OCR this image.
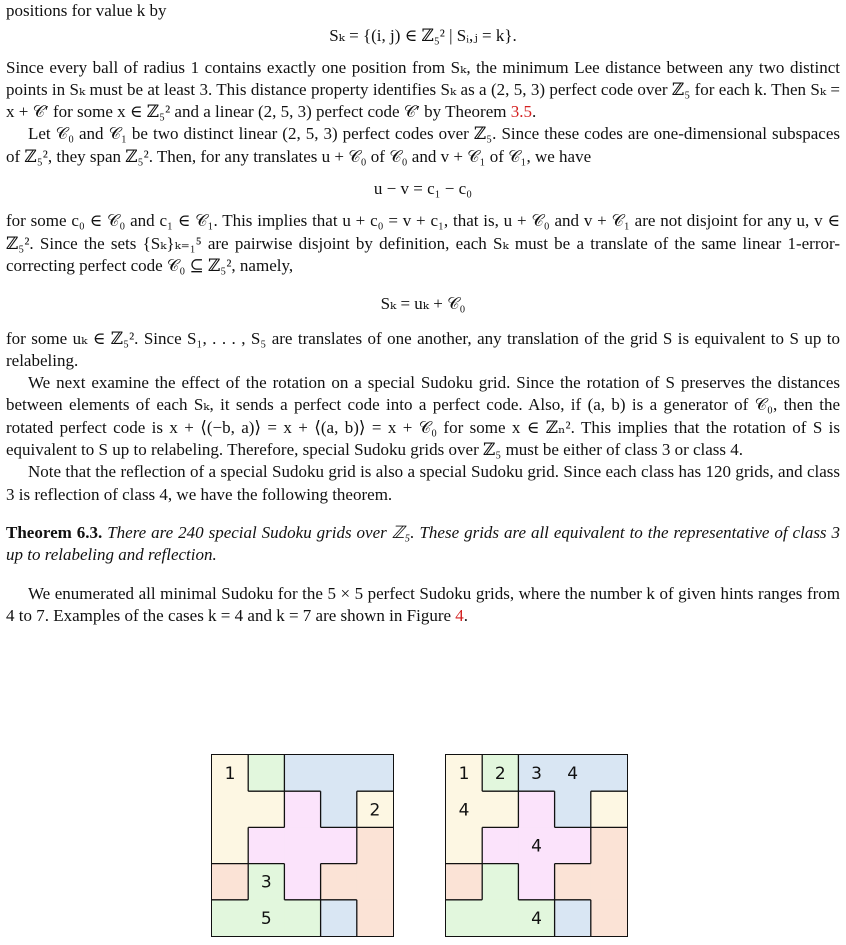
positions for value k by

Sₖ = {(i, j) ∈ ℤ₅² | Sᵢ,ⱼ = k}.

Since every ball of radius 1 contains exactly one position from Sₖ, the minimum Lee distance between any two distinct points in Sₖ must be at least 3. This distance property identifies Sₖ as a (2, 5, 3) perfect code over ℤ₅ for each k. Then Sₖ = x + 𝒞′ for some x ∈ ℤ₅² and a linear (2, 5, 3) perfect code 𝒞′ by Theorem 3.5.

Let 𝒞₀ and 𝒞₁ be two distinct linear (2, 5, 3) perfect codes over ℤ₅. Since these codes are one-dimensional subspaces of ℤ₅², they span ℤ₅². Then, for any translates u + 𝒞₀ of 𝒞₀ and v + 𝒞₁ of 𝒞₁, we have

u − v = c₁ − c₀

for some c₀ ∈ 𝒞₀ and c₁ ∈ 𝒞₁. This implies that u + c₀ = v + c₁, that is, u + 𝒞₀ and v + 𝒞₁ are not disjoint for any u, v ∈ ℤ₅². Since the sets {Sₖ}ₖ₌₁⁵ are pairwise disjoint by definition, each Sₖ must be a translate of the same linear 1-error-correcting perfect code 𝒞₀ ⊆ ℤ₅², namely,

Sₖ = uₖ + 𝒞₀

for some uₖ ∈ ℤ₅². Since S₁, . . . , S₅ are translates of one another, any translation of the grid S is equivalent to S up to relabeling.

We next examine the effect of the rotation on a special Sudoku grid. Since the rotation of S preserves the distances between elements of each Sₖ, it sends a perfect code into a perfect code. Also, if (a, b) is a generator of 𝒞₀, then the rotated perfect code is x + ⟨(−b, a)⟩ = x + ⟨(a, b)⟩ = x + 𝒞₀ for some x ∈ ℤₙ². This implies that the rotation of S is equivalent to S up to relabeling. Therefore, special Sudoku grids over ℤ₅ must be either of class 3 or class 4.

Note that the reflection of a special Sudoku grid is also a special Sudoku grid. Since each class has 120 grids, and class 3 is reflection of class 4, we have the following theorem.

Theorem 6.3. There are 240 special Sudoku grids over ℤ₅. These grids are all equivalent to the representative of class 3 up to relabeling and reflection.

We enumerated all minimal Sudoku for the 5 × 5 perfect Sudoku grids, where the number k of given hints ranges from 4 to 7. Examples of the cases k = 4 and k = 7 are shown in Figure 4.

1
2
3
5
1 2 3 4
4
4
4
